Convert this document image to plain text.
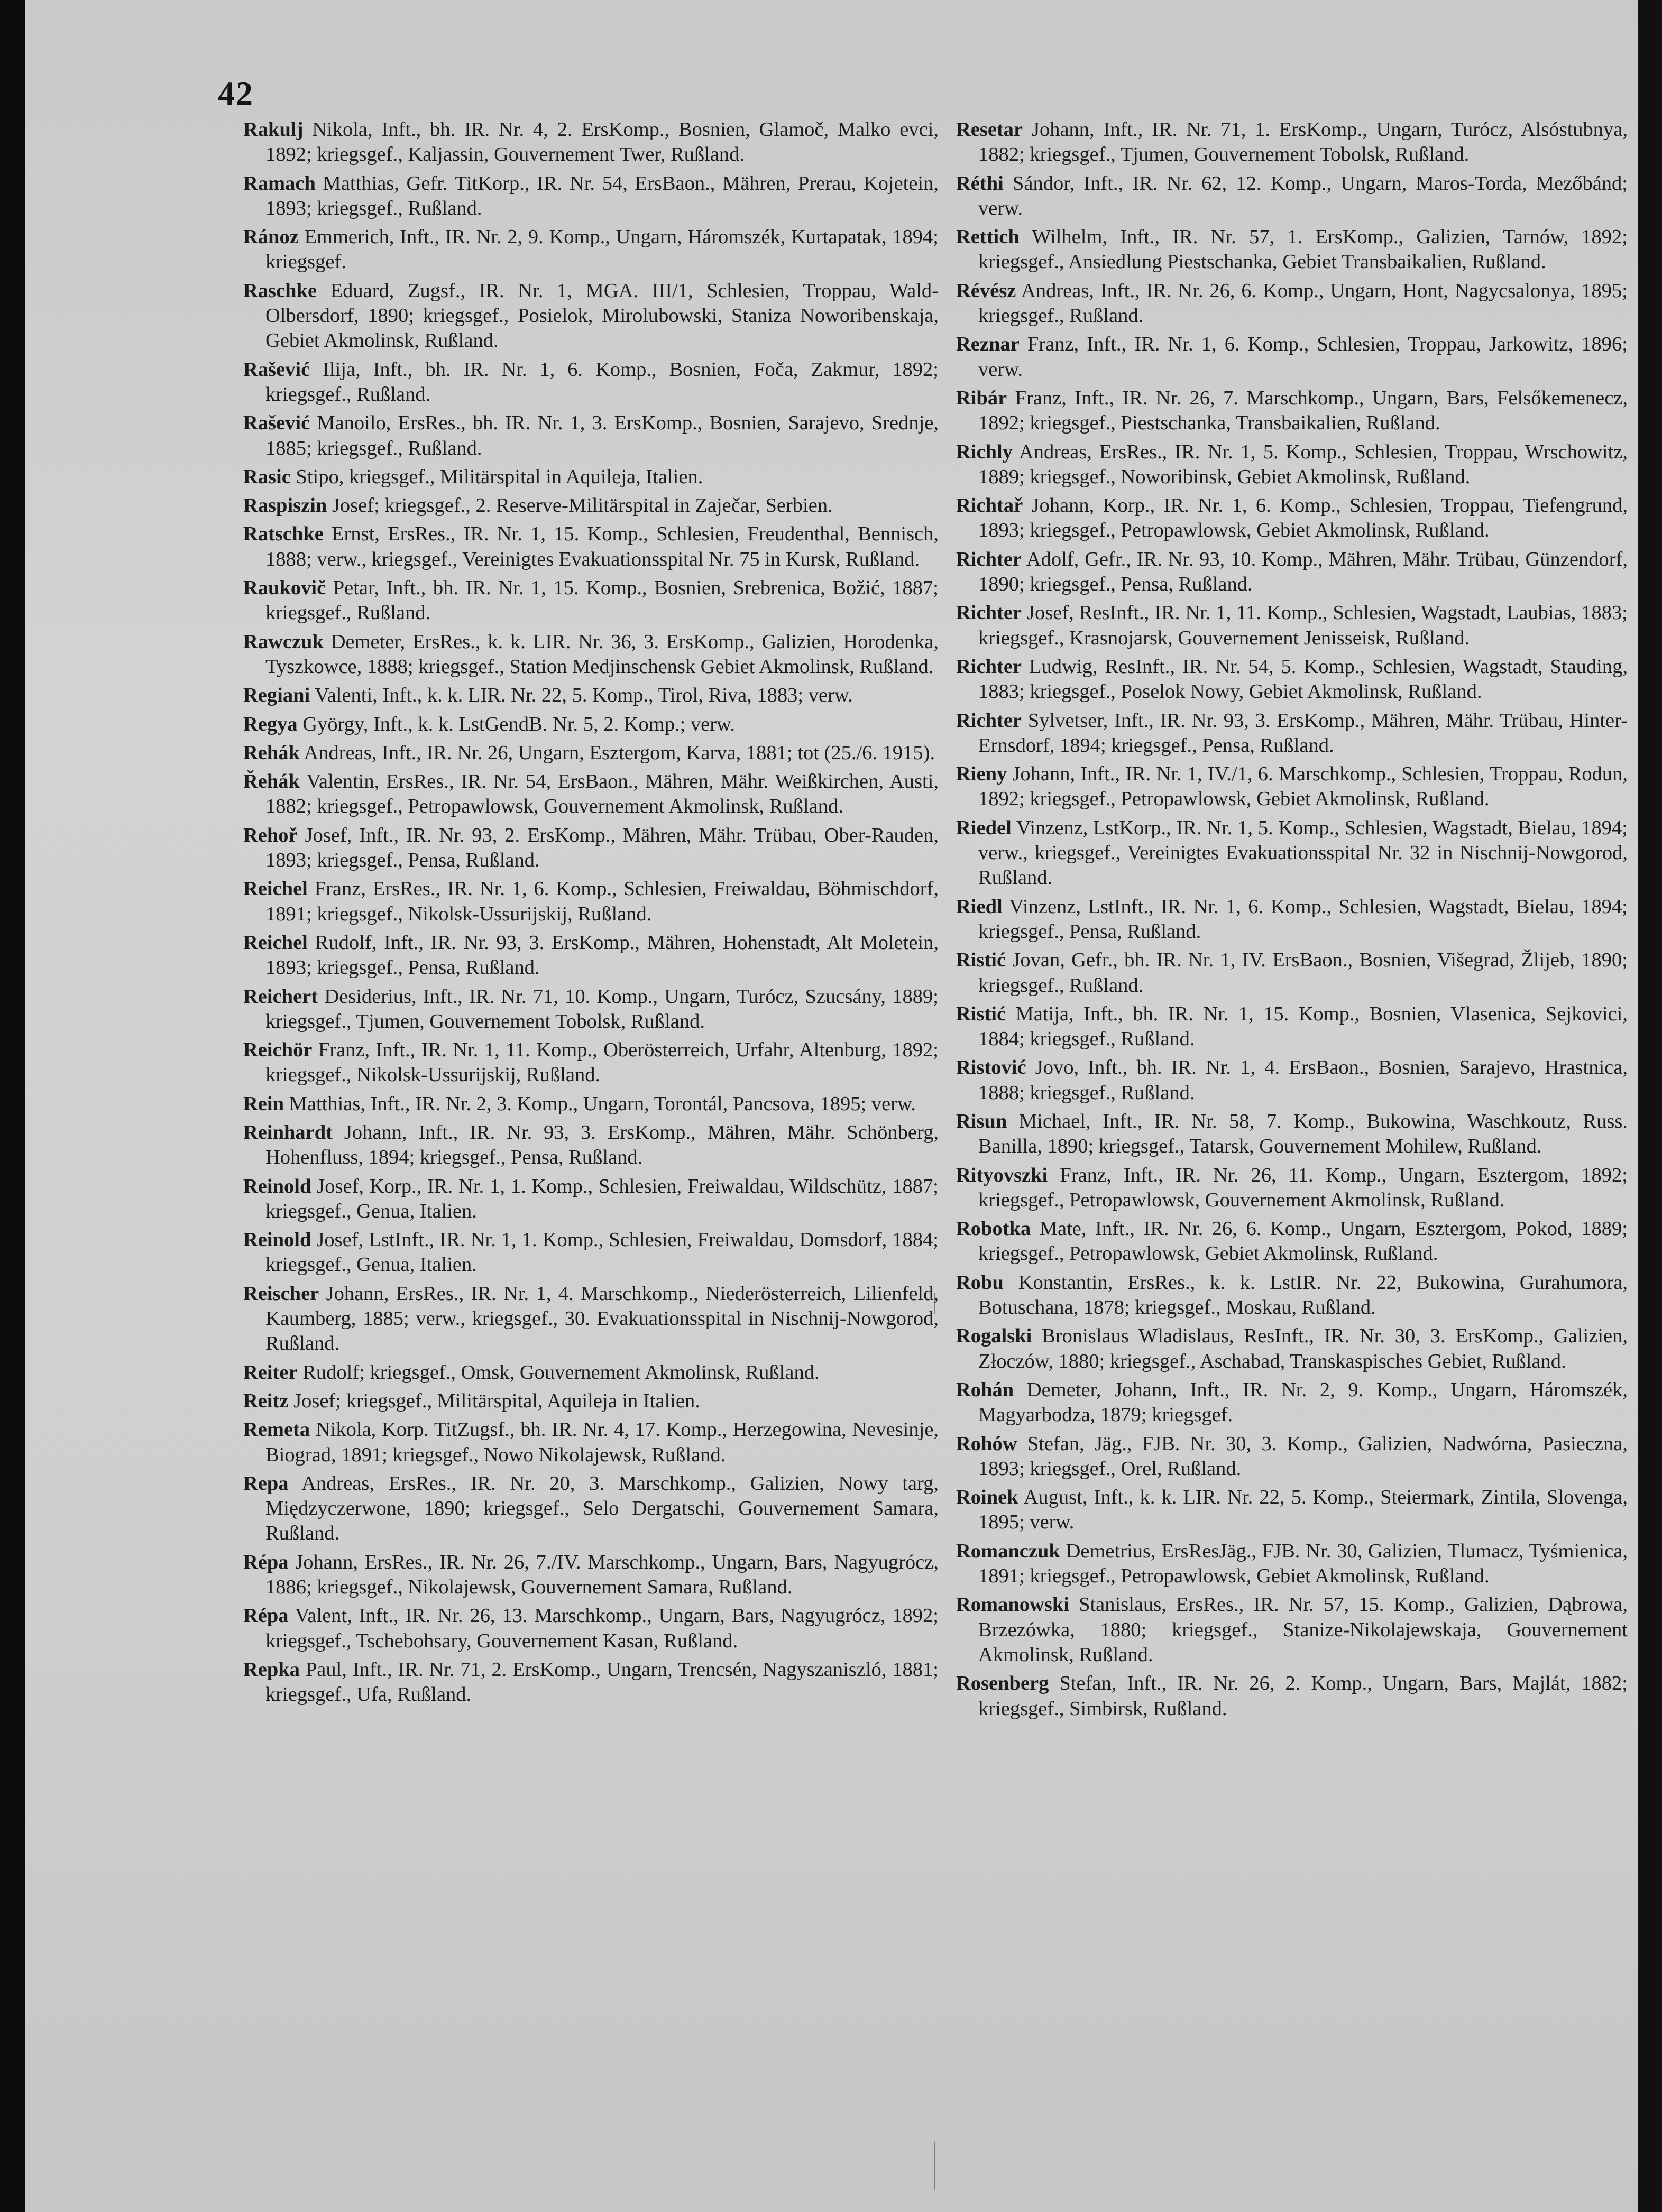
42

Rakulj Nikola, Inft., bh. IR. Nr. 4, 2. ErsKomp., Bosnien, Glamoč, Malko evci, 1892; kriegsgef., Kaljassin, Gouvernement Twer, Rußland.

Ramach Matthias, Gefr. TitKorp., IR. Nr. 54, ErsBaon., Mähren, Prerau, Kojetein, 1893; kriegsgef., Rußland.

Ránoz Emmerich, Inft., IR. Nr. 2, 9. Komp., Ungarn, Háromszék, Kurtapatak, 1894; kriegsgef.

Raschke Eduard, Zugsf., IR. Nr. 1, MGA. III/1, Schlesien, Troppau, Wald-Olbersdorf, 1890; kriegsgef., Posielok, Mirolubowski, Staniza Noworibenskaja, Gebiet Akmolinsk, Rußland.

Rašević Ilija, Inft., bh. IR. Nr. 1, 6. Komp., Bosnien, Foča, Zakmur, 1892; kriegsgef., Rußland.

Rašević Manoilo, ErsRes., bh. IR. Nr. 1, 3. ErsKomp., Bosnien, Sarajevo, Srednje, 1885; kriegsgef., Rußland.

Rasic Stipo, kriegsgef., Militärspital in Aquileja, Italien.

Raspiszin Josef; kriegsgef., 2. Reserve-Militärspital in Zaječar, Serbien.

Ratschke Ernst, ErsRes., IR. Nr. 1, 15. Komp., Schlesien, Freudenthal, Bennisch, 1888; verw., kriegsgef., Vereinigtes Evakuationsspital Nr. 75 in Kursk, Rußland.

Raukovič Petar, Inft., bh. IR. Nr. 1, 15. Komp., Bosnien, Srebrenica, Božić, 1887; kriegsgef., Rußland.

Rawczuk Demeter, ErsRes., k. k. LIR. Nr. 36, 3. ErsKomp., Galizien, Horodenka, Tyszkowce, 1888; kriegsgef., Station Medjinschensk Gebiet Akmolinsk, Rußland.

Regiani Valenti, Inft., k. k. LIR. Nr. 22, 5. Komp., Tirol, Riva, 1883; verw.

Regya György, Inft., k. k. LstGendB. Nr. 5, 2. Komp.; verw.

Rehák Andreas, Inft., IR. Nr. 26, Ungarn, Esztergom, Karva, 1881; tot (25./6. 1915).

Řehák Valentin, ErsRes., IR. Nr. 54, ErsBaon., Mähren, Mähr. Weißkirchen, Austi, 1882; kriegsgef., Petropawlowsk, Gouvernement Akmolinsk, Rußland.

Rehoř Josef, Inft., IR. Nr. 93, 2. ErsKomp., Mähren, Mähr. Trübau, Ober-Rauden, 1893; kriegsgef., Pensa, Rußland.

Reichel Franz, ErsRes., IR. Nr. 1, 6. Komp., Schlesien, Freiwaldau, Böhmischdorf, 1891; kriegsgef., Nikolsk-Ussurijskij, Rußland.

Reichel Rudolf, Inft., IR. Nr. 93, 3. ErsKomp., Mähren, Hohenstadt, Alt Moletein, 1893; kriegsgef., Pensa, Rußland.

Reichert Desiderius, Inft., IR. Nr. 71, 10. Komp., Ungarn, Turócz, Szucsány, 1889; kriegsgef., Tjumen, Gouvernement Tobolsk, Rußland.

Reichör Franz, Inft., IR. Nr. 1, 11. Komp., Oberösterreich, Urfahr, Altenburg, 1892; kriegsgef., Nikolsk-Ussurijskij, Rußland.

Rein Matthias, Inft., IR. Nr. 2, 3. Komp., Ungarn, Torontál, Pancsova, 1895; verw.

Reinhardt Johann, Inft., IR. Nr. 93, 3. ErsKomp., Mähren, Mähr. Schönberg, Hohenfluss, 1894; kriegsgef., Pensa, Rußland.

Reinold Josef, Korp., IR. Nr. 1, 1. Komp., Schlesien, Freiwaldau, Wildschütz, 1887; kriegsgef., Genua, Italien.

Reinold Josef, LstInft., IR. Nr. 1, 1. Komp., Schlesien, Freiwaldau, Domsdorf, 1884; kriegsgef., Genua, Italien.

Reischer Johann, ErsRes., IR. Nr. 1, 4. Marschkomp., Niederösterreich, Lilienfeld, Kaumberg, 1885; verw., kriegsgef., 30. Evakuationsspital in Nischnij-Nowgorod, Rußland.

Reiter Rudolf; kriegsgef., Omsk, Gouvernement Akmolinsk, Rußland.

Reitz Josef; kriegsgef., Militärspital, Aquileja in Italien.

Remeta Nikola, Korp. TitZugsf., bh. IR. Nr. 4, 17. Komp., Herzegowina, Nevesinje, Biograd, 1891; kriegsgef., Nowo Nikolajewsk, Rußland.

Repa Andreas, ErsRes., IR. Nr. 20, 3. Marschkomp., Galizien, Nowy targ, Międzyczerwone, 1890; kriegsgef., Selo Dergatschi, Gouvernement Samara, Rußland.

Répa Johann, ErsRes., IR. Nr. 26, 7./IV. Marschkomp., Ungarn, Bars, Nagyugrócz, 1886; kriegsgef., Nikolajewsk, Gouvernement Samara, Rußland.

Répa Valent, Inft., IR. Nr. 26, 13. Marschkomp., Ungarn, Bars, Nagyugrócz, 1892; kriegsgef., Tschebohsary, Gouvernement Kasan, Rußland.

Repka Paul, Inft., IR. Nr. 71, 2. ErsKomp., Ungarn, Trencsén, Nagyszaniszló, 1881; kriegsgef., Ufa, Rußland.

Resetar Johann, Inft., IR. Nr. 71, 1. ErsKomp., Ungarn, Turócz, Alsóstubnya, 1882; kriegsgef., Tjumen, Gouvernement Tobolsk, Rußland.

Réthi Sándor, Inft., IR. Nr. 62, 12. Komp., Ungarn, Maros-Torda, Mezőbánd; verw.

Rettich Wilhelm, Inft., IR. Nr. 57, 1. ErsKomp., Galizien, Tarnów, 1892; kriegsgef., Ansiedlung Piestschanka, Gebiet Transbaikalien, Rußland.

Révész Andreas, Inft., IR. Nr. 26, 6. Komp., Ungarn, Hont, Nagycsalonya, 1895; kriegsgef., Rußland.

Reznar Franz, Inft., IR. Nr. 1, 6. Komp., Schlesien, Troppau, Jarkowitz, 1896; verw.

Ribár Franz, Inft., IR. Nr. 26, 7. Marschkomp., Ungarn, Bars, Felsőkemenecz, 1892; kriegsgef., Piestschanka, Transbaikalien, Rußland.

Richly Andreas, ErsRes., IR. Nr. 1, 5. Komp., Schlesien, Troppau, Wrschowitz, 1889; kriegsgef., Noworibinsk, Gebiet Akmolinsk, Rußland.

Richtař Johann, Korp., IR. Nr. 1, 6. Komp., Schlesien, Troppau, Tiefengrund, 1893; kriegsgef., Petropawlowsk, Gebiet Akmolinsk, Rußland.

Richter Adolf, Gefr., IR. Nr. 93, 10. Komp., Mähren, Mähr. Trübau, Günzendorf, 1890; kriegsgef., Pensa, Rußland.

Richter Josef, ResInft., IR. Nr. 1, 11. Komp., Schlesien, Wagstadt, Laubias, 1883; kriegsgef., Krasnojarsk, Gouvernement Jenisseisk, Rußland.

Richter Ludwig, ResInft., IR. Nr. 54, 5. Komp., Schlesien, Wagstadt, Stauding, 1883; kriegsgef., Poselok Nowy, Gebiet Akmolinsk, Rußland.

Richter Sylvetser, Inft., IR. Nr. 93, 3. ErsKomp., Mähren, Mähr. Trübau, Hinter-Ernsdorf, 1894; kriegsgef., Pensa, Rußland.

Rieny Johann, Inft., IR. Nr. 1, IV./1, 6. Marschkomp., Schlesien, Troppau, Rodun, 1892; kriegsgef., Petropawlowsk, Gebiet Akmolinsk, Rußland.

Riedel Vinzenz, LstKorp., IR. Nr. 1, 5. Komp., Schlesien, Wagstadt, Bielau, 1894; verw., kriegsgef., Vereinigtes Evakuationsspital Nr. 32 in Nischnij-Nowgorod, Rußland.

Riedl Vinzenz, LstInft., IR. Nr. 1, 6. Komp., Schlesien, Wagstadt, Bielau, 1894; kriegsgef., Pensa, Rußland.

Ristić Jovan, Gefr., bh. IR. Nr. 1, IV. ErsBaon., Bosnien, Višegrad, Žlijeb, 1890; kriegsgef., Rußland.

Ristić Matija, Inft., bh. IR. Nr. 1, 15. Komp., Bosnien, Vlasenica, Sejkovici, 1884; kriegsgef., Rußland.

Ristović Jovo, Inft., bh. IR. Nr. 1, 4. ErsBaon., Bosnien, Sarajevo, Hrastnica, 1888; kriegsgef., Rußland.

Risun Michael, Inft., IR. Nr. 58, 7. Komp., Bukowina, Waschkoutz, Russ. Banilla, 1890; kriegsgef., Tatarsk, Gouvernement Mohilew, Rußland.

Rityovszki Franz, Inft., IR. Nr. 26, 11. Komp., Ungarn, Esztergom, 1892; kriegsgef., Petropawlowsk, Gouvernement Akmolinsk, Rußland.

Robotka Mate, Inft., IR. Nr. 26, 6. Komp., Ungarn, Esztergom, Pokod, 1889; kriegsgef., Petropawlowsk, Gebiet Akmolinsk, Rußland.

Robu Konstantin, ErsRes., k. k. LstIR. Nr. 22, Bukowina, Gurahumora, Botuschana, 1878; kriegsgef., Moskau, Rußland.

Rogalski Bronislaus Wladislaus, ResInft., IR. Nr. 30, 3. ErsKomp., Galizien, Złoczów, 1880; kriegsgef., Aschabad, Transkaspisches Gebiet, Rußland.

Rohán Demeter, Johann, Inft., IR. Nr. 2, 9. Komp., Ungarn, Háromszék, Magyarbodza, 1879; kriegsgef.

Rohów Stefan, Jäg., FJB. Nr. 30, 3. Komp., Galizien, Nadwórna, Pasieczna, 1893; kriegsgef., Orel, Rußland.

Roinek August, Inft., k. k. LIR. Nr. 22, 5. Komp., Steiermark, Zintila, Slovenga, 1895; verw.

Romanczuk Demetrius, ErsResJäg., FJB. Nr. 30, Galizien, Tlumacz, Tyśmienica, 1891; kriegsgef., Petropawlowsk, Gebiet Akmolinsk, Rußland.

Romanowski Stanislaus, ErsRes., IR. Nr. 57, 15. Komp., Galizien, Dąbrowa, Brzezówka, 1880; kriegsgef., Stanize-Nikolajewskaja, Gouvernement Akmolinsk, Rußland.

Rosenberg Stefan, Inft., IR. Nr. 26, 2. Komp., Ungarn, Bars, Majlát, 1882; kriegsgef., Simbirsk, Rußland.
